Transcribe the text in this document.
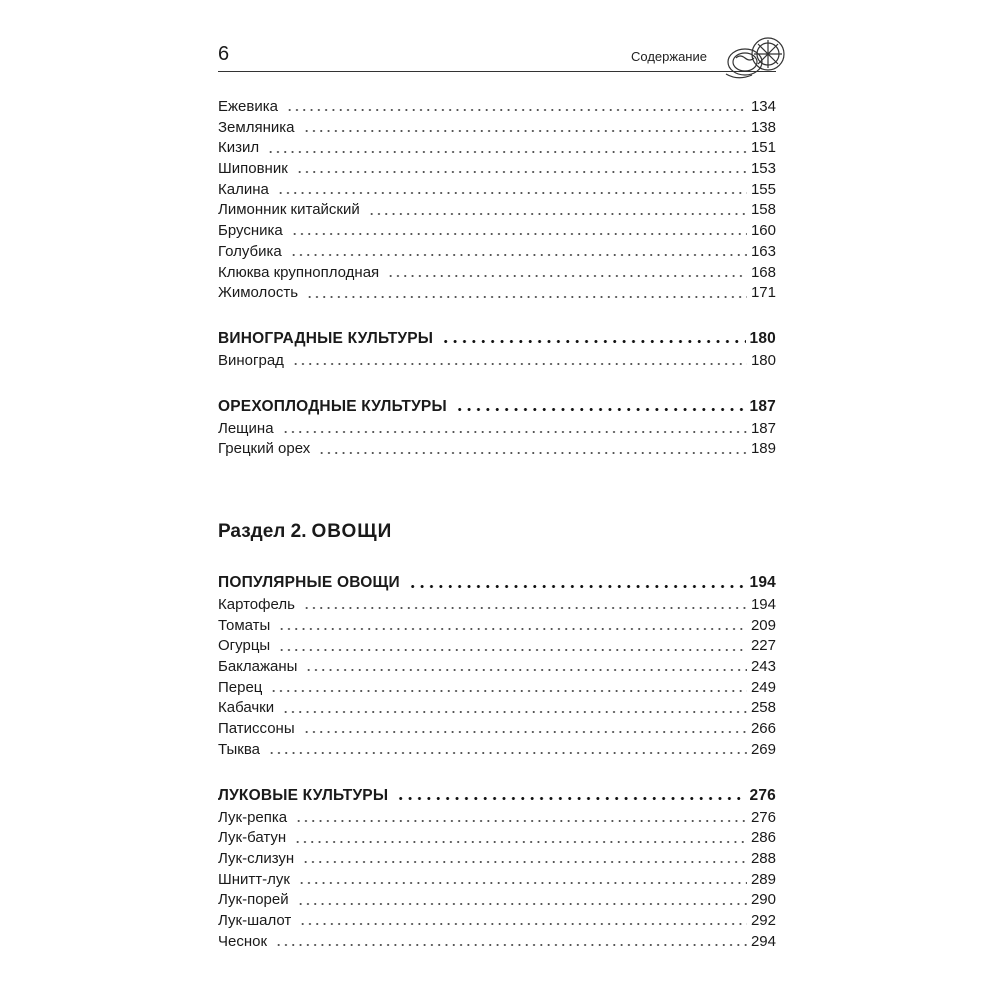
6	Содержание
Ежевика	134
Земляника	138
Кизил	151
Шиповник	153
Калина	155
Лимонник китайский	158
Брусника	160
Голубика	163
Клюква крупноплодная	168
Жимолость	171
ВИНОГРАДНЫЕ КУЛЬТУРЫ	180
Виноград	180
ОРЕХОПЛОДНЫЕ КУЛЬТУРЫ	187
Лещина	187
Грецкий орех	189
Раздел 2. ОВОЩИ
ПОПУЛЯРНЫЕ ОВОЩИ	194
Картофель	194
Томаты	209
Огурцы	227
Баклажаны	243
Перец	249
Кабачки	258
Патиссоны	266
Тыква	269
ЛУКОВЫЕ КУЛЬТУРЫ	276
Лук-репка	276
Лук-батун	286
Лук-слизун	288
Шнитт-лук	289
Лук-порей	290
Лук-шалот	292
Чеснок	294
